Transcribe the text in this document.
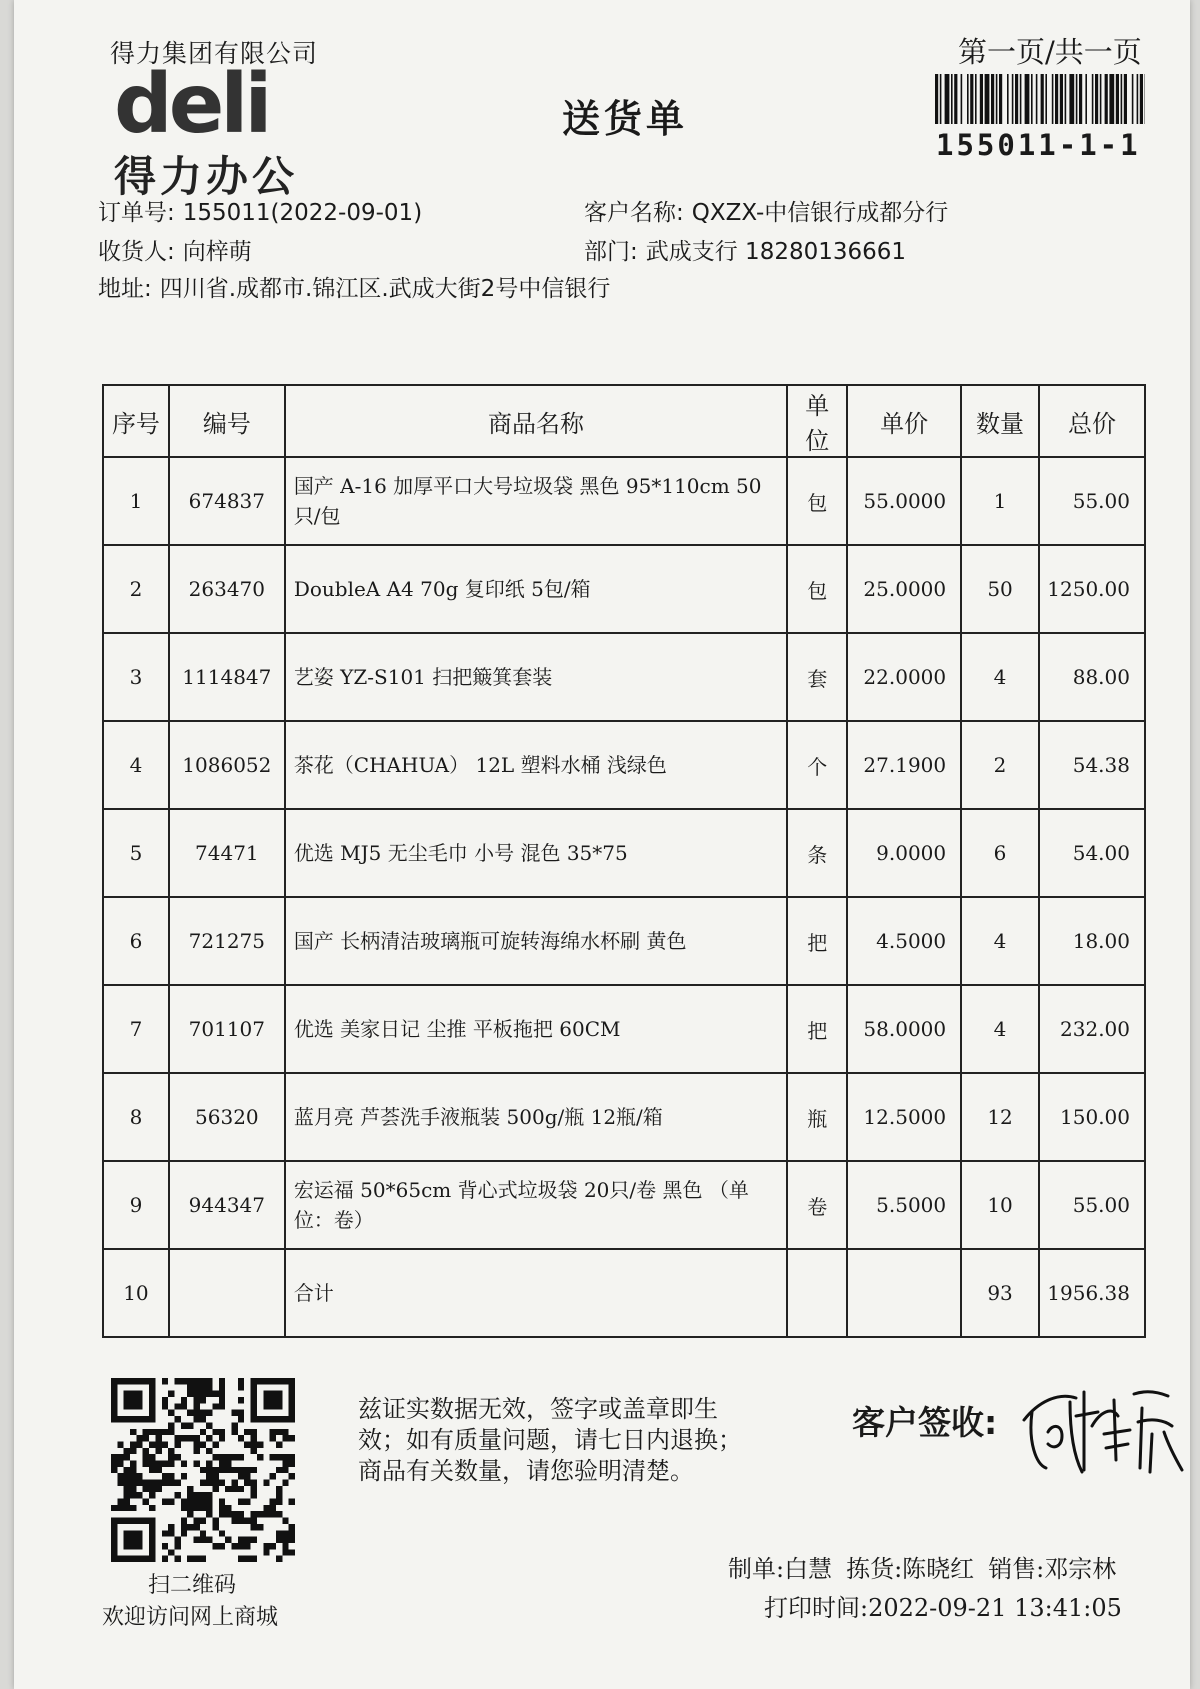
得力集团有限公司
deli
得力办公
送货单
第一页/共一页
155011-1-1
订单号: 155011(2022-09-01)	客户名称: QXZX-中信银行成都分行
收货人: 向梓萌	部门: 武成支行 18280136661
地址: 四川省.成都市.锦江区.武成大街2号中信银行
序号	编号	商品名称	单位	单价	数量	总价
1	674837	国产 A-16 加厚平口大号垃圾袋 黑色 95*110cm 50只/包	包	55.0000	1	55.00
2	263470	DoubleA A4 70g 复印纸 5包/箱	包	25.0000	50	1250.00
3	1114847	艺姿 YZ-S101 扫把簸箕套装	套	22.0000	4	88.00
4	1086052	茶花（CHAHUA） 12L 塑料水桶 浅绿色	个	27.1900	2	54.38
5	74471	优选 MJ5 无尘毛巾 小号 混色 35*75	条	9.0000	6	54.00
6	721275	国产 长柄清洁玻璃瓶可旋转海绵水杯刷 黄色	把	4.5000	4	18.00
7	701107	优选 美家日记 尘推 平板拖把 60CM	把	58.0000	4	232.00
8	56320	蓝月亮 芦荟洗手液瓶装 500g/瓶 12瓶/箱	瓶	12.5000	12	150.00
9	944347	宏运福 50*65cm 背心式垃圾袋 20只/卷 黑色 （单位：卷）	卷	5.5000	10	55.00
10		合计			93	1956.38
扫二维码
欢迎访问网上商城
兹证实数据无效，签字或盖章即生
效；如有质量问题，请七日内退换；
商品有关数量，请您验明清楚。
客户签收:
制单:白慧 拣货:陈晓红 销售:邓宗林
打印时间:2022-09-21 13:41:05
